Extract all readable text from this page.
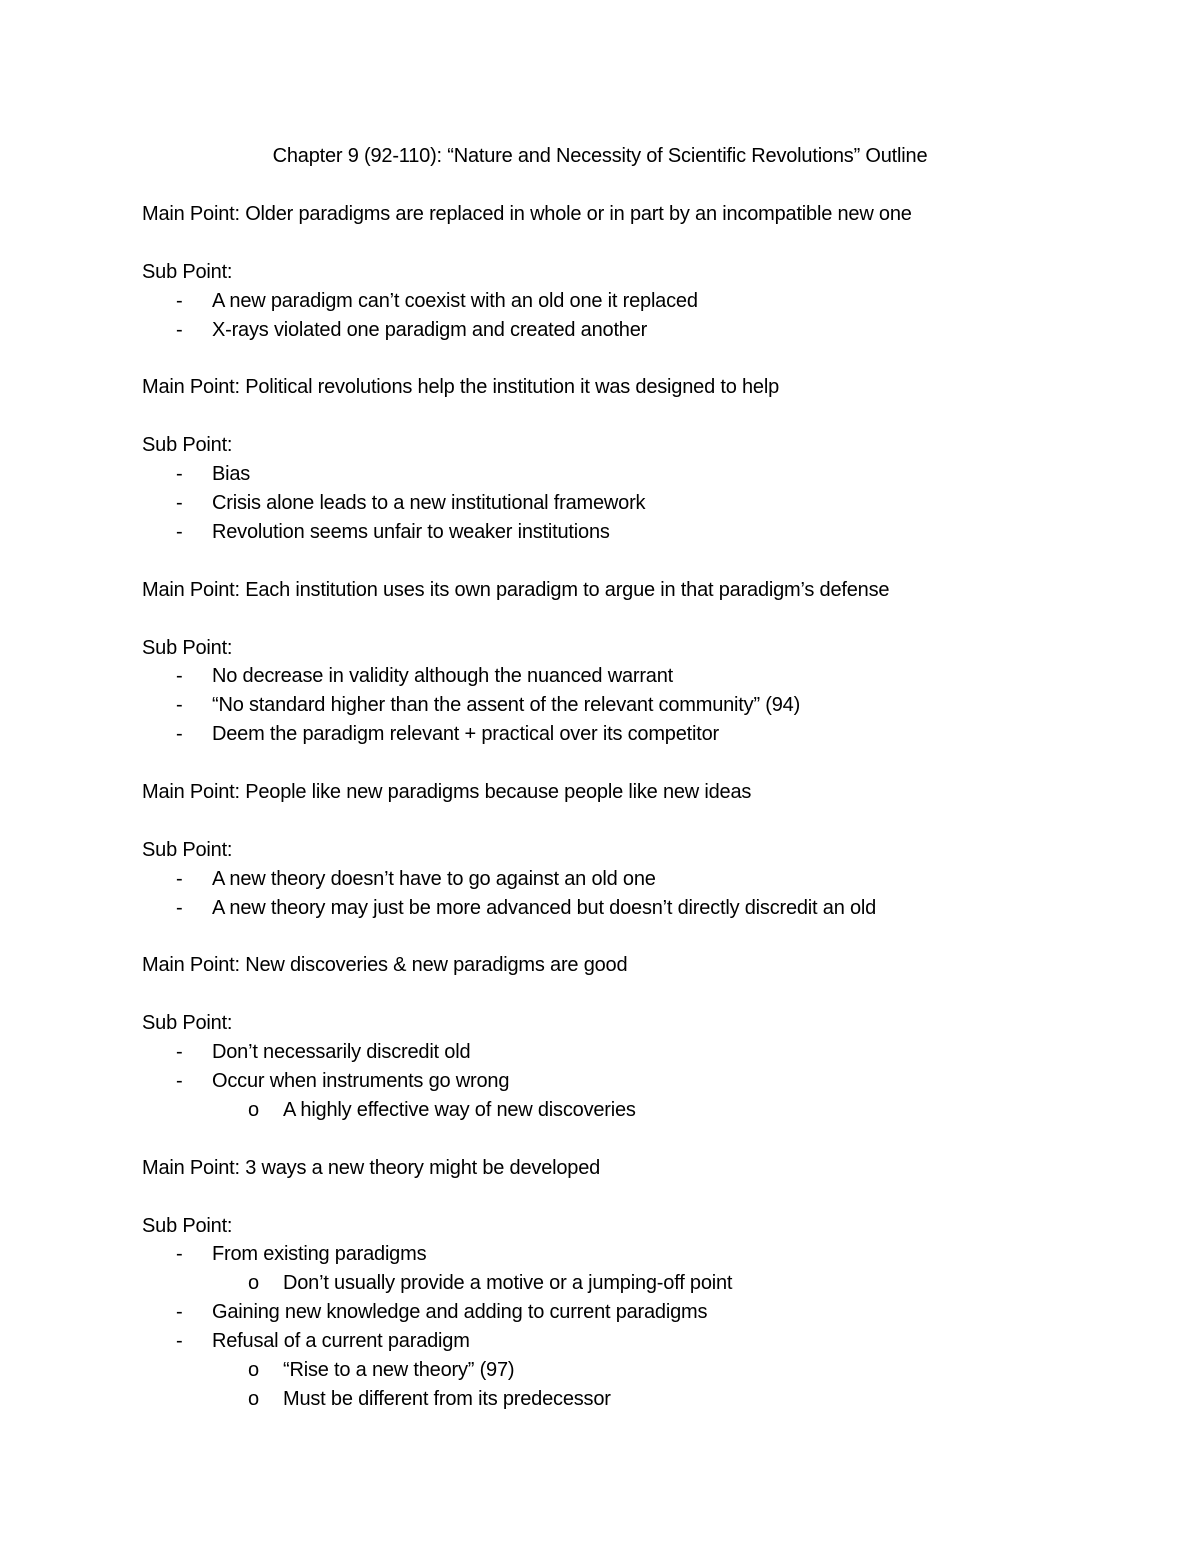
Chapter 9 (92-110): “Nature and Necessity of Scientific Revolutions” Outline
Main Point: Older paradigms are replaced in whole or in part by an incompatible new one
Sub Point:
- A new paradigm can’t coexist with an old one it replaced
- X-rays violated one paradigm and created another
Main Point: Political revolutions help the institution it was designed to help
Sub Point:
- Bias
- Crisis alone leads to a new institutional framework
- Revolution seems unfair to weaker institutions
Main Point: Each institution uses its own paradigm to argue in that paradigm’s defense
Sub Point:
- No decrease in validity although the nuanced warrant
- “No standard higher than the assent of the relevant community” (94)
- Deem the paradigm relevant + practical over its competitor
Main Point: People like new paradigms because people like new ideas
Sub Point:
- A new theory doesn’t have to go against an old one
- A new theory may just be more advanced but doesn’t directly discredit an old
Main Point: New discoveries & new paradigms are good
Sub Point:
- Don’t necessarily discredit old
- Occur when instruments go wrong
o A highly effective way of new discoveries
Main Point: 3 ways a new theory might be developed
Sub Point:
- From existing paradigms
o Don’t usually provide a motive or a jumping-off point
- Gaining new knowledge and adding to current paradigms
- Refusal of a current paradigm
o “Rise to a new theory” (97)
o Must be different from its predecessor
